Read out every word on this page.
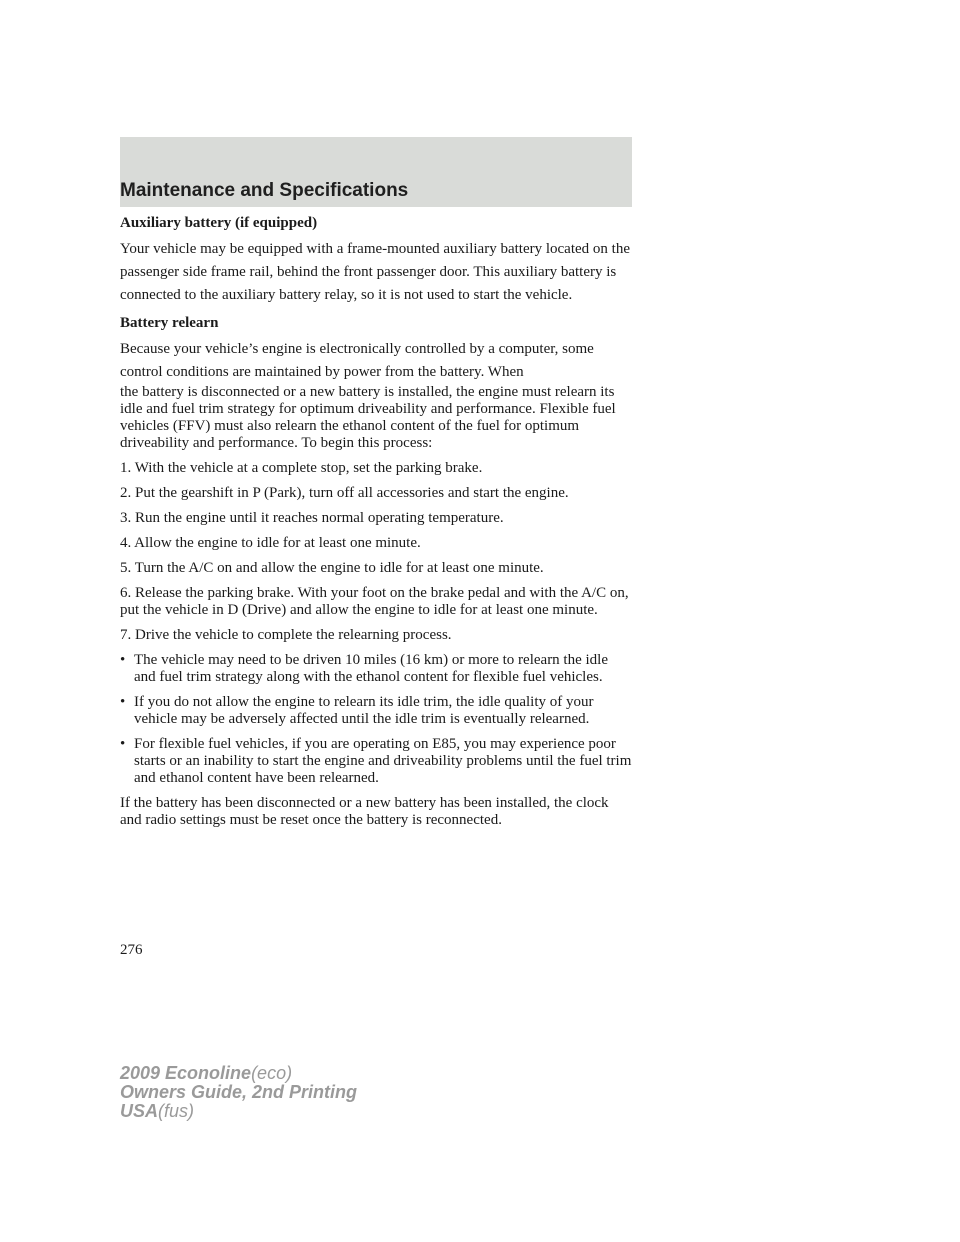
Maintenance and Specifications
Auxiliary battery (if equipped)

Your vehicle may be equipped with a frame-mounted auxiliary battery located on the passenger side frame rail, behind the front passenger door. This auxiliary battery is connected to the auxiliary battery relay, so it is not used to start the vehicle.

Battery relearn

Because your vehicle’s engine is electronically controlled by a computer, some control conditions are maintained by power from the battery. When

the battery is disconnected or a new battery is installed, the engine must relearn its idle and fuel trim strategy for optimum driveability and performance. Flexible fuel vehicles (FFV) must also relearn the ethanol content of the fuel for optimum driveability and performance. To begin this process:

1. With the vehicle at a complete stop, set the parking brake.
2. Put the gearshift in P (Park), turn off all accessories and start the engine.
3. Run the engine until it reaches normal operating temperature.
4. Allow the engine to idle for at least one minute.
5. Turn the A/C on and allow the engine to idle for at least one minute.
6. Release the parking brake. With your foot on the brake pedal and with the A/C on, put the vehicle in D (Drive) and allow the engine to idle for at least one minute.
7. Drive the vehicle to complete the relearning process.
• The vehicle may need to be driven 10 miles (16 km) or more to relearn the idle and fuel trim strategy along with the ethanol content for flexible fuel vehicles.
• If you do not allow the engine to relearn its idle trim, the idle quality of your vehicle may be adversely affected until the idle trim is eventually relearned.
• For flexible fuel vehicles, if you are operating on E85, you may experience poor starts or an inability to start the engine and driveability problems until the fuel trim and ethanol content have been relearned.

If the battery has been disconnected or a new battery has been installed, the clock and radio settings must be reset once the battery is reconnected.

276
2009 Econoline(eco)
Owners Guide, 2nd Printing
USA(fus)
